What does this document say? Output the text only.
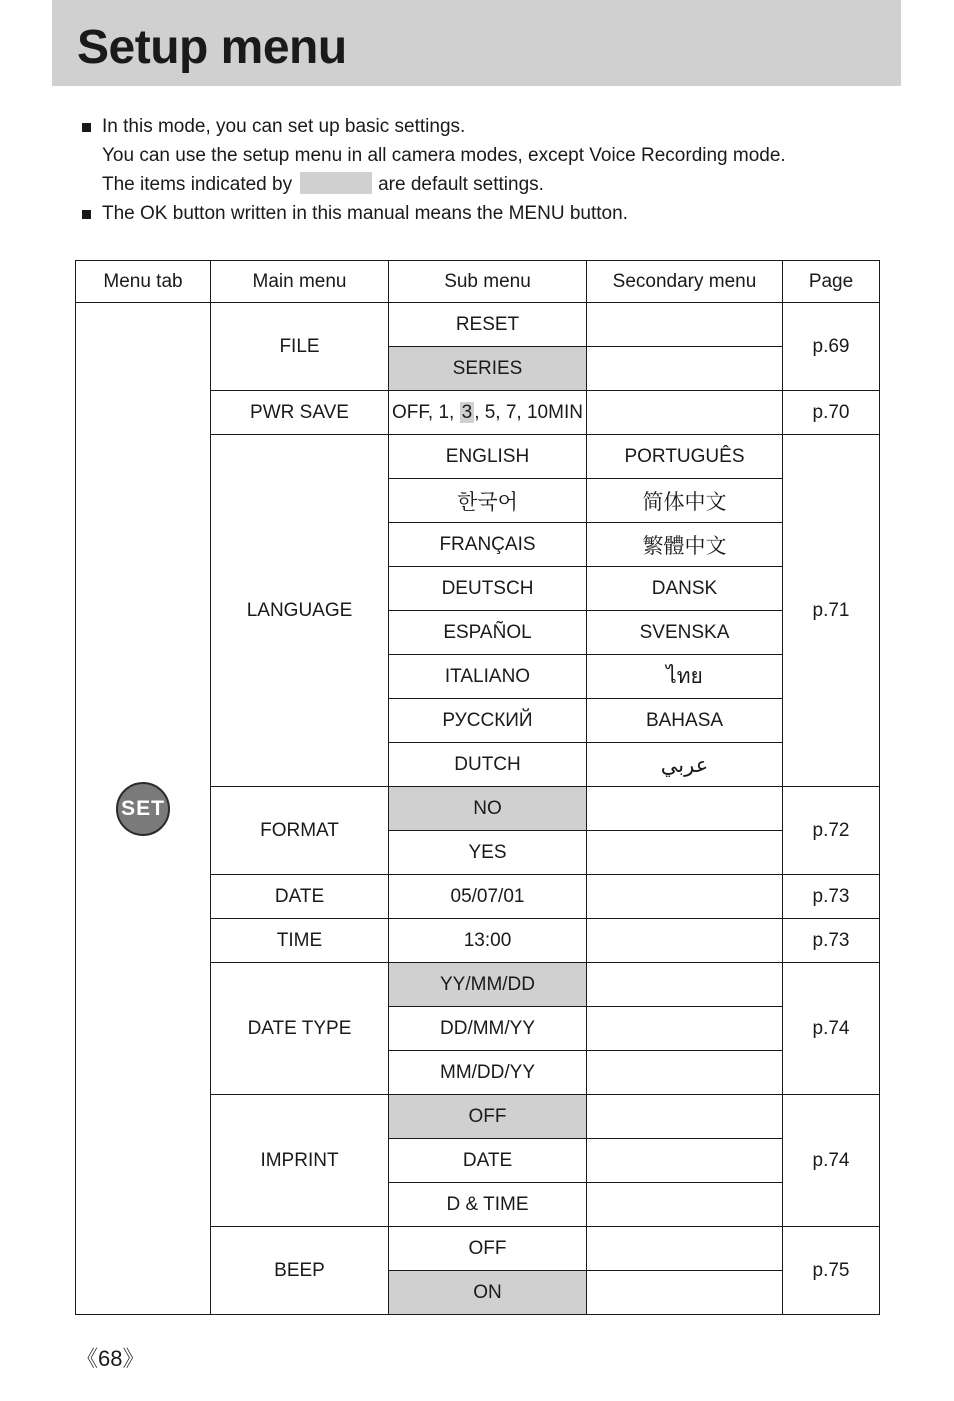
Setup menu
In this mode, you can set up basic settings.
You can use the setup menu in all camera modes, except Voice Recording mode.
The items indicated by	are default settings.
The OK button written in this manual means the MENU button.
Menu tab	Main menu	Sub menu	Secondary menu	Page
SET	FILE	RESET		p.69
		SERIES		
	PWR SAVE	OFF, 1, 3 , 5, 7, 10MIN		p.70
	LANGUAGE	ENGLISH	PORTUGUÊS	p.71
		한국어	简体中文	
		FRANÇAIS	繁體中文	
		DEUTSCH	DANSK	
		ESPAÑOL	SVENSKA	
		ITALIANO	ไทย	
		РУССКИЙ	BAHASA	
		DUTCH	عربي	
	FORMAT	NO		p.72
		YES		
	DATE	05/07/01		p.73
	TIME	13:00		p.73
	DATE TYPE	YY/MM/DD		p.74
		DD/MM/YY		
		MM/DD/YY		
	IMPRINT	OFF		p.74
		DATE		
		D & TIME		
	BEEP	OFF		p.75
		ON		
《68》
